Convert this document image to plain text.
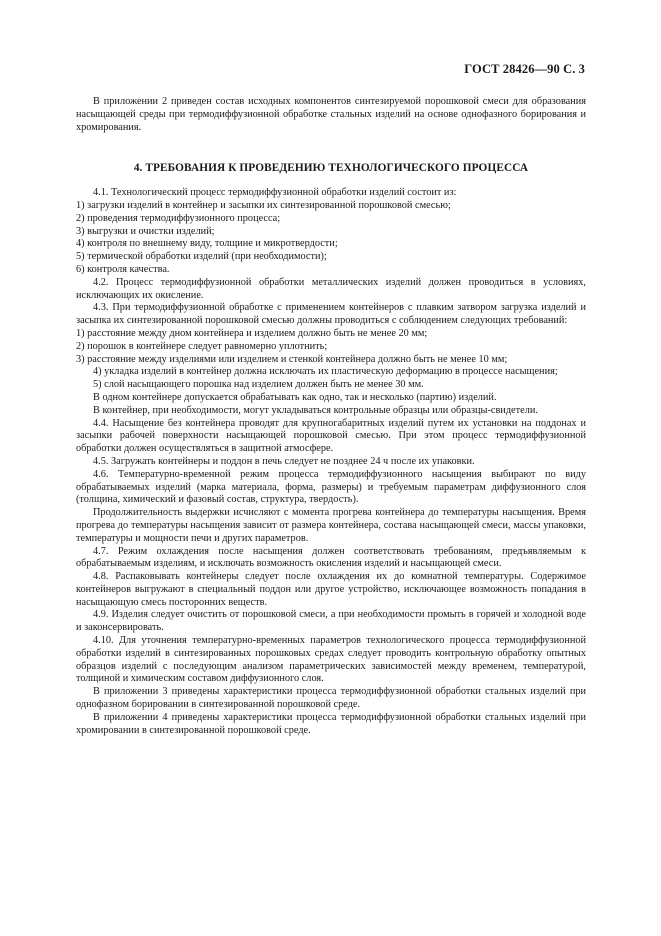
ГОСТ 28426—90 С. 3

В приложении 2 приведен состав исходных компонентов синтезируемой порошковой смеси для образования насыщающей среды при термодиффузионной обработке стальных изделий на основе однофазного борирования и хромирования.

4. ТРЕБОВАНИЯ К ПРОВЕДЕНИЮ ТЕХНОЛОГИЧЕСКОГО ПРОЦЕССА

4.1. Технологический процесс термодиффузионной обработки изделий состоит из:

1) загрузки изделий в контейнер и засыпки их синтезированной порошковой смесью;

2) проведения термодиффузионного процесса;

3) выгрузки и очистки изделий;

4) контроля по внешнему виду, толщине и микротвердости;

5) термической обработки изделий (при необходимости);

6) контроля качества.

4.2. Процесс термодиффузионной обработки металлических изделий должен проводиться в условиях, исключающих их окисление.

4.3. При термодиффузионной обработке с применением контейнеров с плавким затвором загрузка изделий и засыпка их синтезированной порошковой смесью должны проводиться с соблюдением следующих требований:

1) расстояние между дном контейнера и изделием должно быть не менее 20 мм;

2) порошок в контейнере следует равномерно уплотнить;

3) расстояние между изделиями или изделием и стенкой контейнера должно быть не менее 10 мм;

4) укладка изделий в контейнер должна исключать их пластическую деформацию в процессе насыщения;

5) слой насыщающего порошка над изделием должен быть не менее 30 мм.

В одном контейнере допускается обрабатывать как одно, так и несколько (партию) изделий.

В контейнер, при необходимости, могут укладываться контрольные образцы или образцы-свидетели.

4.4. Насыщение без контейнера проводят для крупногабаритных изделий путем их установки на поддонах и засыпки рабочей поверхности насыщающей порошковой смесью. При этом процесс термодиффузионной обработки должен осуществляться в защитной атмосфере.

4.5. Загружать контейнеры и поддон в печь следует не позднее 24 ч после их упаковки.

4.6. Температурно-временной режим процесса термодиффузионного насыщения выбирают по виду обрабатываемых изделий (марка материала, форма, размеры) и требуемым параметрам диффузионного слоя (толщина, химический и фазовый состав, структура, твердость).

Продолжительность выдержки исчисляют с момента прогрева контейнера до температуры насыщения. Время прогрева до температуры насыщения зависит от размера контейнера, состава насыщающей смеси, массы упаковки, температуры и мощности печи и других параметров.

4.7. Режим охлаждения после насыщения должен соответствовать требованиям, предъявляемым к обрабатываемым изделиям, и исключать возможность окисления изделий и насыщающей смеси.

4.8. Распаковывать контейнеры следует после охлаждения их до комнатной температуры. Содержимое контейнеров выгружают в специальный поддон или другое устройство, исключающее возможность попадания в насыщающую смесь посторонних веществ.

4.9. Изделия следует очистить от порошковой смеси, а при необходимости промыть в горячей и холодной воде и законсервировать.

4.10. Для уточнения температурно-временных параметров технологического процесса термодиффузионной обработки изделий в синтезированных порошковых средах следует проводить контрольную обработку опытных образцов изделий с последующим анализом параметрических зависимостей между временем, температурой, толщиной и химическим составом диффузионного слоя.

В приложении 3 приведены характеристики процесса термодиффузионной обработки стальных изделий при однофазном борировании в синтезированной порошковой среде.

В приложении 4 приведены характеристики процесса термодиффузионной обработки стальных изделий при хромировании в синтезированной порошковой среде.
